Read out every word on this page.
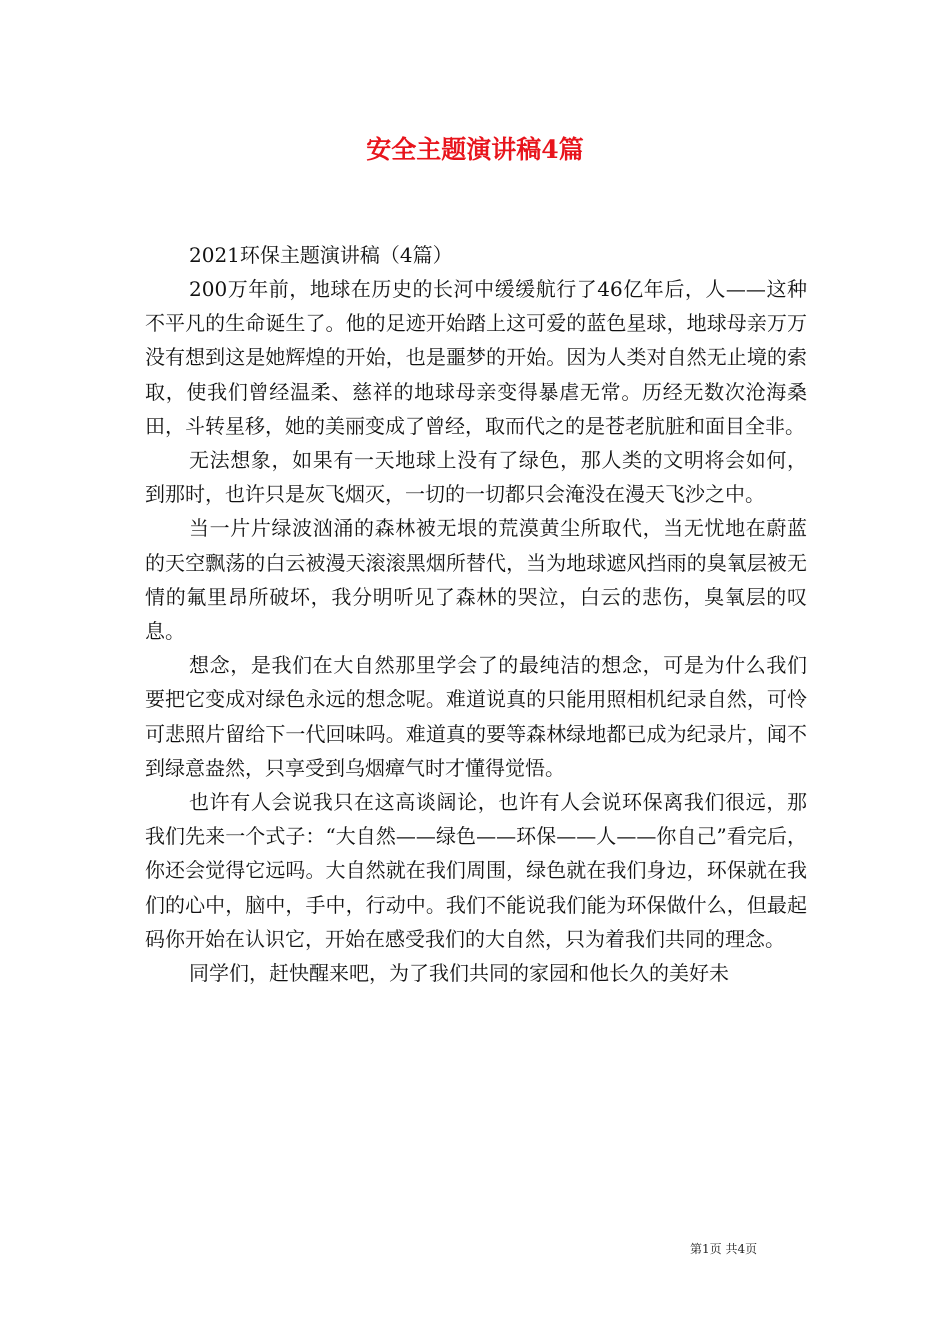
安全主题演讲稿4篇

2021环保主题演讲稿（4篇）

200万年前，地球在历史的长河中缓缓航行了46亿年后，人——这种不平凡的生命诞生了。他的足迹开始踏上这可爱的蓝色星球，地球母亲万万没有想到这是她辉煌的开始，也是噩梦的开始。因为人类对自然无止境的索取，使我们曾经温柔、慈祥的地球母亲变得暴虐无常。历经无数次沧海桑田，斗转星移，她的美丽变成了曾经，取而代之的是苍老肮脏和面目全非。

无法想象，如果有一天地球上没有了绿色，那人类的文明将会如何，到那时，也许只是灰飞烟灭，一切的一切都只会淹没在漫天飞沙之中。

当一片片绿波汹涌的森林被无垠的荒漠黄尘所取代，当无忧地在蔚蓝的天空飘荡的白云被漫天滚滚黑烟所替代，当为地球遮风挡雨的臭氧层被无情的氟里昂所破坏，我分明听见了森林的哭泣，白云的悲伤，臭氧层的叹息。

想念，是我们在大自然那里学会了的最纯洁的想念，可是为什么我们要把它变成对绿色永远的想念呢。难道说真的只能用照相机纪录自然，可怜可悲照片留给下一代回味吗。难道真的要等森林绿地都已成为纪录片，闻不到绿意盎然，只享受到乌烟瘴气时才懂得觉悟。

也许有人会说我只在这高谈阔论，也许有人会说环保离我们很远，那我们先来一个式子：“大自然——绿色——环保——人——你自己”看完后，你还会觉得它远吗。大自然就在我们周围，绿色就在我们身边，环保就在我们的心中，脑中，手中，行动中。我们不能说我们能为环保做什么，但最起码你开始在认识它，开始在感受我们的大自然，只为着我们共同的理念。

同学们，赶快醒来吧，为了我们共同的家园和他长久的美好未

第1页 共4页
